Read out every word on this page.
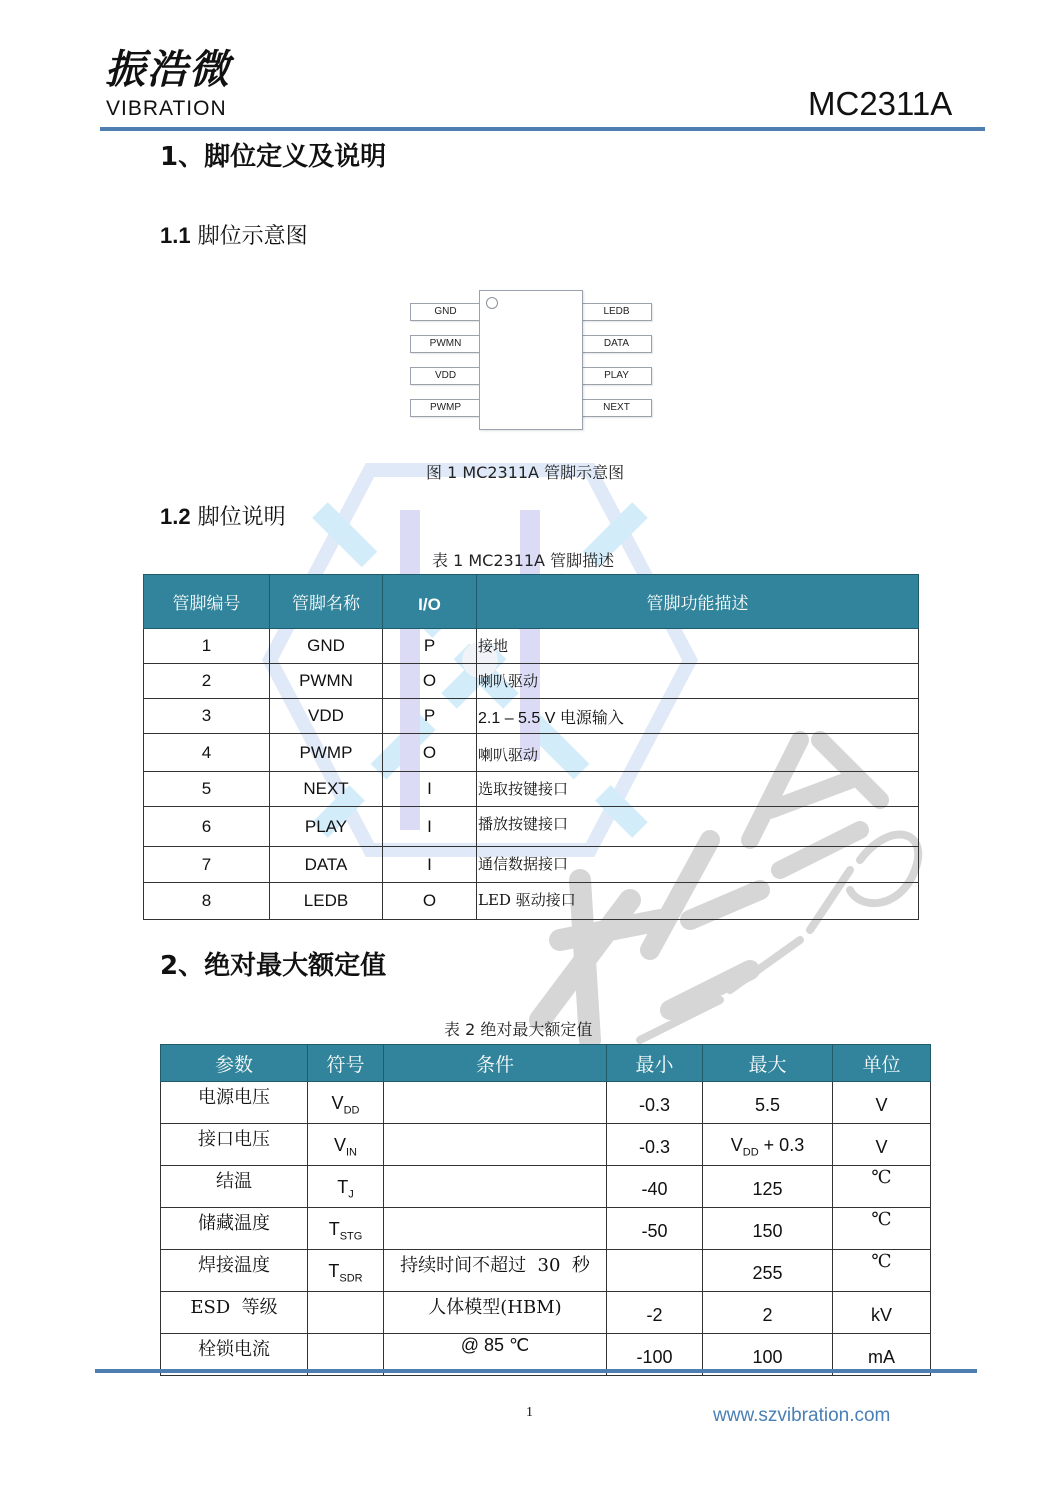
振浩微
VIBRATION	MC2311A
1、脚位定义及说明
1.1 脚位示意图
GND
PWMN
VDD
PWMP
LEDB
DATA
PLAY
NEXT
图 1 MC2311A 管脚示意图
1.2 脚位说明
表 1 MC2311A 管脚描述
管脚编号	管脚名称	I/O	管脚功能描述
1	GND	P	接地
2	PWMN	O	喇叭驱动
3	VDD	P	2.1 – 5.5 V 电源输入
4	PWMP	O	喇叭驱动
5	NEXT	I	选取按键接口
6	PLAY	I	播放按键接口
7	DATA	I	通信数据接口
8	LEDB	O	LED 驱动接口
2、绝对最大额定值
表 2 绝对最大额定值
参数	符号	条件	最小	最大	单位
电源电压	$V_{DD}$		-0.3	5.5	V
接口电压	$V_{IN}$		-0.3	$V_{DD} + 0.3$	V
结温	$T_J$		-40	125	℃
储藏温度	$T_{STG}$		-50	150	℃
焊接温度	$T_{SDR}$	持续时间不超过  30  秒		255	℃
ESD  等级		人体模型(HBM)	-2	2	kV
栓锁电流		@ 85 ℃	-100	100	mA
1	www.szvibration.com
